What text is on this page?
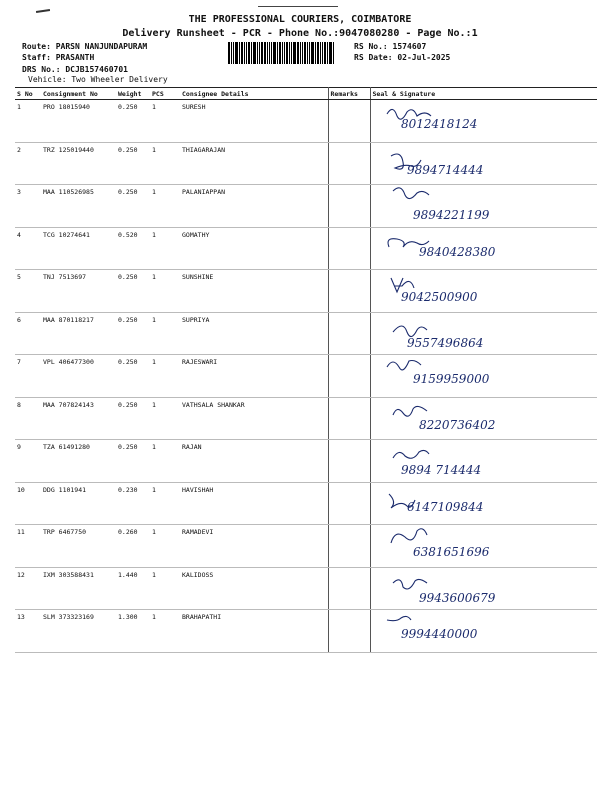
THE PROFESSIONAL COURIERS, COIMBATORE
Delivery Runsheet - PCR - Phone No.:9047080280 - Page No.:1
Route: PARSN NANJUNDAPURAM
Staff: PRASANTH
DRS No.: DCJB157460701
Vehicle: Two Wheeler Delivery
RS No.: 1574607
RS Date: 02-Jul-2025
S No	Consignment No	Weight	PCS	Consignee Details	Remarks	Seal & Signature
1	PRO 18015940	0.250	1	SURESH		8012418124

2	TRZ 125019440	0.250	1	THIAGARAJAN		9894714444

3	MAA 110526985	0.250	1	PALANIAPPAN		9894221199

4	TCG 10274641	0.520	1	GOMATHY		9840428380

5	TNJ 7513697	0.250	1	SUNSHINE		9042500900

6	MAA 870118217	0.250	1	SUPRIYA		9557496864

7	VPL 406477300	0.250	1	RAJESWARI		9159959000

8	MAA 707824143	0.250	1	VATHSALA SHANKAR		8220736402

9	TZA 61491280	0.250	1	RAJAN		9894 714444

10	DDG 1101941	0.230	1	HAVISHAH		6147109844

11	TRP 6467750	0.260	1	RAMADEVI		6381651696

12	IXM 303588431	1.440	1	KALIDOSS		9943600679

13	SLM 373323169	1.300	1	BRAHAPATHI		9994440000
